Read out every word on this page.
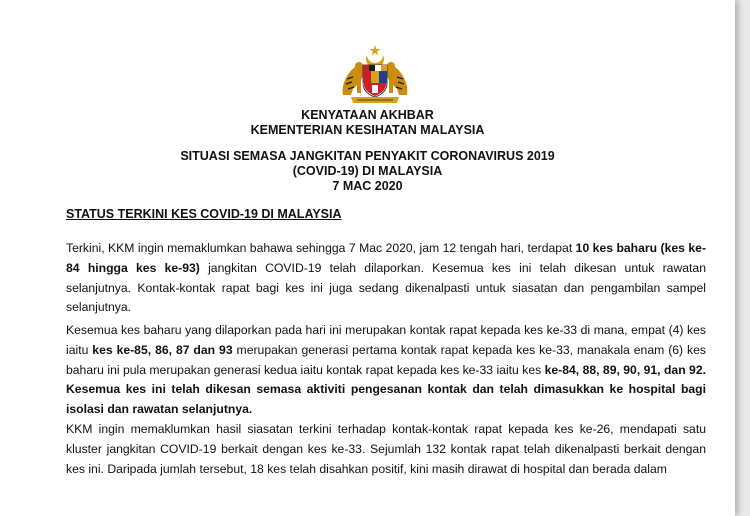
KENYATAAN AKHBAR
KEMENTERIAN KESIHATAN MALAYSIA
SITUASI SEMASA JANGKITAN PENYAKIT CORONAVIRUS 2019
(COVID-19) DI MALAYSIA
7 MAC 2020
STATUS TERKINI KES COVID-19 DI MALAYSIA

Terkini, KKM ingin memaklumkan bahawa sehingga 7 Mac 2020, jam 12 tengah hari, terdapat 10 kes baharu (kes ke-84 hingga kes ke-93) jangkitan COVID-19 telah dilaporkan. Kesemua kes ini telah dikesan untuk rawatan selanjutnya. Kontak-kontak rapat bagi kes ini juga sedang dikenalpasti untuk siasatan dan pengambilan sampel selanjutnya.

Kesemua kes baharu yang dilaporkan pada hari ini merupakan kontak rapat kepada kes ke-33 di mana, empat (4) kes iaitu kes ke-85, 86, 87 dan 93 merupakan generasi pertama kontak rapat kepada kes ke-33, manakala enam (6) kes baharu ini pula merupakan generasi kedua iaitu kontak rapat kepada kes ke-33 iaitu kes ke-84, 88, 89, 90, 91, dan 92. Kesemua kes ini telah dikesan semasa aktiviti pengesanan kontak dan telah dimasukkan ke hospital bagi isolasi dan rawatan selanjutnya.

KKM ingin memaklumkan hasil siasatan terkini terhadap kontak-kontak rapat kepada kes ke-26, mendapati satu kluster jangkitan COVID-19 berkait dengan kes ke-33. Sejumlah 132 kontak rapat telah dikenalpasti berkait dengan kes ini. Daripada jumlah tersebut, 18 kes telah disahkan positif, kini masih dirawat di hospital dan berada dalam
